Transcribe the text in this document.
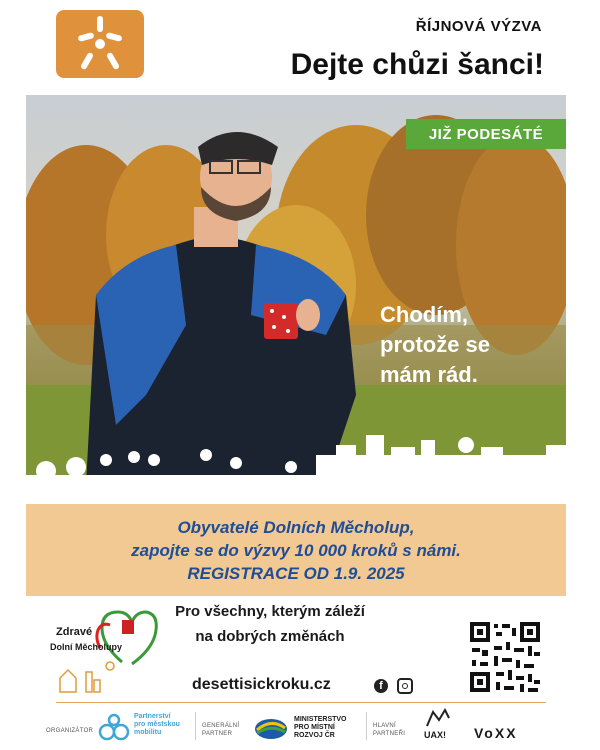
ŘÍJNOVÁ VÝZVA
Dejte chůzi šanci!
JIŽ PODESÁTÉ
Chodím,
protože se
mám rád.
Obyvatelé Dolních Měcholup,
zapojte se do výzvy 10 000 kroků s námi.
REGISTRACE OD 1.9. 2025
Zdravé
Dolní Měcholupy
Pro všechny, kterým záleží
na dobrých změnách
desettisickroku.cz	f
ORGANIZÁTOR
Partnerství
pro městskou
mobilitu
GENERÁLNÍ
PARTNER
MINISTERSTVO
PRO MÍSTNÍ
ROZVOJ ČR
HLAVNÍ
PARTNEŘI UAX! VoXX
